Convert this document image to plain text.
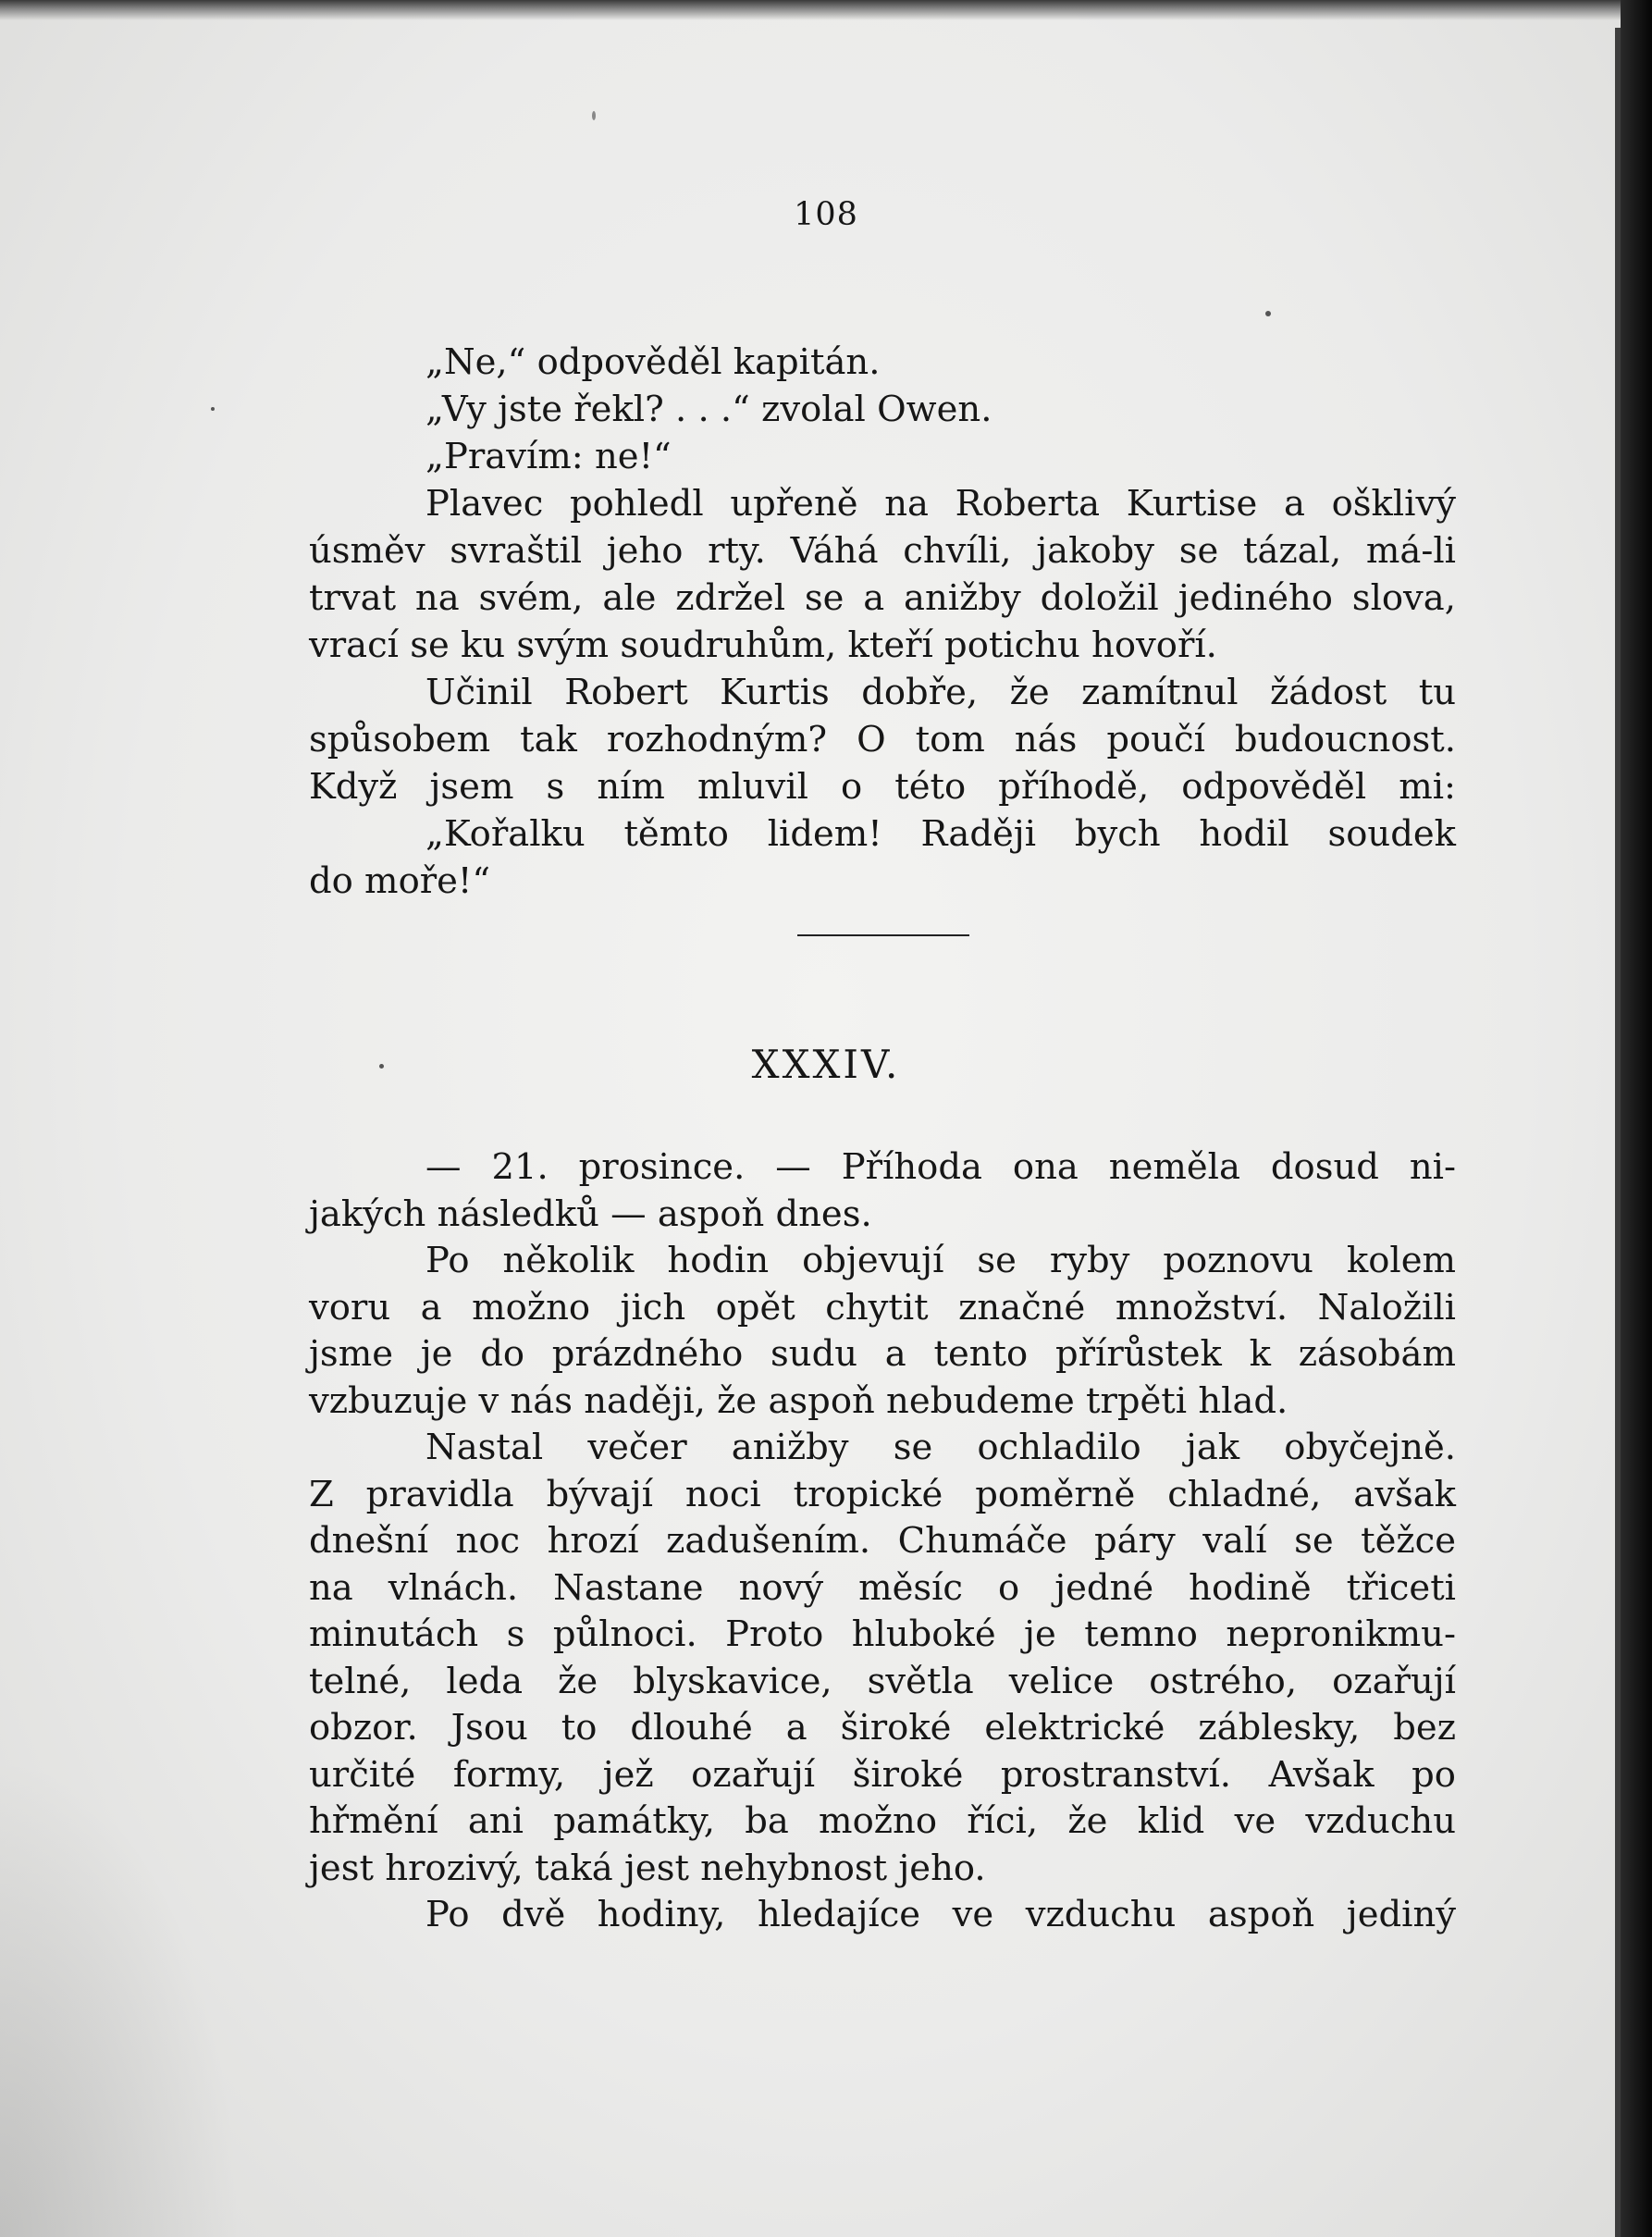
108
„Ne,“ odpověděl kapitán.
„Vy jste řekl? . . .“ zvolal Owen.
„Pravím: ne!“
Plavec pohledl upřeně na Roberta Kurtise a ošklivý
úsměv svraštil jeho rty. Váhá chvíli, jakoby se tázal, má-li
trvat na svém, ale zdržel se a anižby doložil jediného slova,
vrací se ku svým soudruhům, kteří potichu hovoří.
Učinil Robert Kurtis dobře, že zamítnul žádost tu
spůsobem tak rozhodným? O tom nás poučí budoucnost.
Když jsem s ním mluvil o této příhodě, odpověděl mi:
„Kořalku těmto lidem! Raději bych hodil soudek
do moře!“
XXXIV.
— 21. prosince. — Příhoda ona neměla dosud ni-
jakých následků — aspoň dnes.
Po několik hodin objevují se ryby poznovu kolem
voru a možno jich opět chytit značné množství. Naložili
jsme je do prázdného sudu a tento přírůstek k zásobám
vzbuzuje v nás naději, že aspoň nebudeme trpěti hlad.
Nastal večer anižby se ochladilo jak obyčejně.
Z pravidla bývají noci tropické poměrně chladné, avšak
dnešní noc hrozí zadušením. Chumáče páry valí se těžce
na vlnách. Nastane nový měsíc o jedné hodině třiceti
minutách s půlnoci. Proto hluboké je temno nepronikmu-
telné, leda že blyskavice, světla velice ostrého, ozařují
obzor. Jsou to dlouhé a široké elektrické záblesky, bez
určité formy, jež ozařují široké prostranství. Avšak po
hřmění ani památky, ba možno říci, že klid ve vzduchu
jest hrozivý, taká jest nehybnost jeho.
Po dvě hodiny, hledajíce ve vzduchu aspoň jediný
